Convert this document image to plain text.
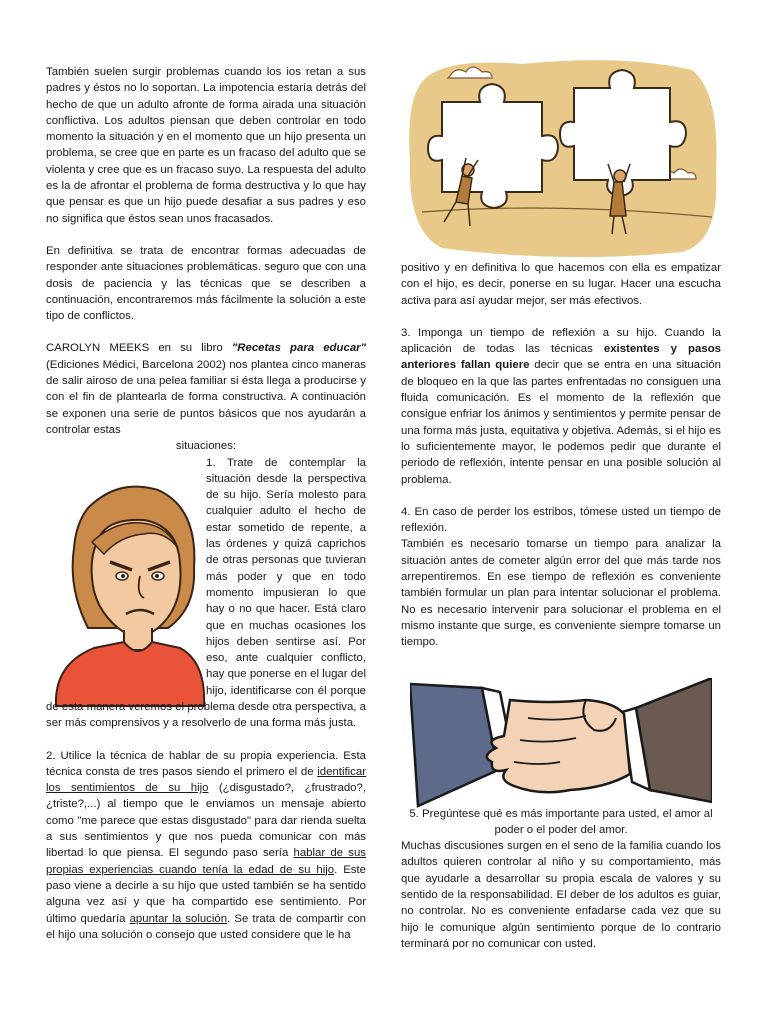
También suelen surgir problemas cuando los ios retan a sus padres y éstos no lo soportan. La impotencia estaría detrás del hecho de que un adulto afronte de forma airada una situación conflictiva. Los adultos piensan que deben controlar en todo momento la situación y en el momento que un hijo presenta un problema, se cree que en parte es un fracaso del adulto que se violenta y cree que es un fracaso suyo. La respuesta del adulto es la de afrontar el problema de forma destructiva y lo que hay que pensar es que un hijo puede desafiar a sus padres y eso no significa que éstos sean unos fracasados.

En definitiva se trata de encontrar formas adecuadas de responder ante situaciones problemáticas. seguro que con una dosis de paciencia y las técnicas que se describen a continuación, encontraremos más fácilmente la solución a este tipo de conflictos.

CAROLYN MEEKS en su libro "Recetas para educar" (Ediciones Médici, Barcelona 2002) nos plantea cinco maneras de salir airoso de una pelea familiar si ésta llega a producirse y con el fin de plantearla de forma constructiva. A continuación se exponen una serie de puntos básicos que nos ayudarán a controlar estas

situaciones:

1. Trate de contemplar la situación desde la perspectiva de su hijo. Sería molesto para cualquier adulto el hecho de estar sometido de repente, a las órdenes y quizá caprichos de otras personas que tuvieran más poder y que en todo momento impusieran lo que hay o no que hacer. Está claro que en muchas ocasiones los hijos deben sentirse así. Por eso, ante cualquier conflicto, hay que ponerse en el lugar del hijo, identificarse con él porque de esta manera veremos el problema desde otra perspectiva, a ser más comprensivos y a resolverlo de una forma más justa.

2. Utilice la técnica de hablar de su propia experiencia. Esta técnica consta de tres pasos siendo el primero el de identificar los sentimientos de su hijo (¿disgustado?, ¿frustrado?, ¿triste?,...) al tiempo que le enviamos un mensaje abierto como "me parece que estas disgustado" para dar rienda suelta a sus sentimientos y que nos pueda comunicar con más libertad lo que piensa. El segundo paso sería hablar de sus propias experiencias cuando tenía la edad de su hijo. Este paso viene a decirle a su hijo que usted también se ha sentido alguna vez así y que ha compartido ese sentimiento. Por último quedaría apuntar la solución. Se trata de compartir con el hijo una solución o consejo que usted considere que le ha

positivo y en definitiva lo que hacemos con ella es empatizar con el hijo, es decir, ponerse en su lugar. Hacer una escucha activa para así ayudar mejor, ser más efectivos.

3. Imponga un tiempo de reflexión a su hijo. Cuando la aplicación de todas las técnicas existentes y pasos anteriores fallan quiere decir que se entra en una situación de bloqueo en la que las partes enfrentadas no consiguen una fluida comunicación. Es el momento de la reflexión que consigue enfriar los ánimos y sentimientos y permite pensar de una forma más justa, equitativa y objetiva. Además, si el hijo es lo suficientemente mayor, le podemos pedir que durante el periodo de reflexión, intente pensar en una posible solución al problema.

4. En caso de perder los estribos, tómese usted un tiempo de reflexión.

También es necesario tomarse un tiempo para analizar la situación antes de cometer algún error del que más tarde nos arrepentiremos. En ese tiempo de reflexión es conveniente también formular un plan para intentar solucionar el problema. No es necesario intervenir para solucionar el problema en el mismo instante que surge, es conveniente siempre tomarse un tiempo.

5. Pregúntese qué es más importante para usted, el amor al poder o el poder del amor.

Muchas discusiones surgen en el seno de la familia cuando los adultos quieren controlar al niño y su comportamiento, más que ayudarle a desarrollar su propia escala de valores y su sentido de la responsabilidad. El deber de los adultos es guiar, no controlar. No es conveniente enfadarse cada vez que su hijo le comunique algún sentimiento porque de lo contrario terminará por no comunicar con usted.
